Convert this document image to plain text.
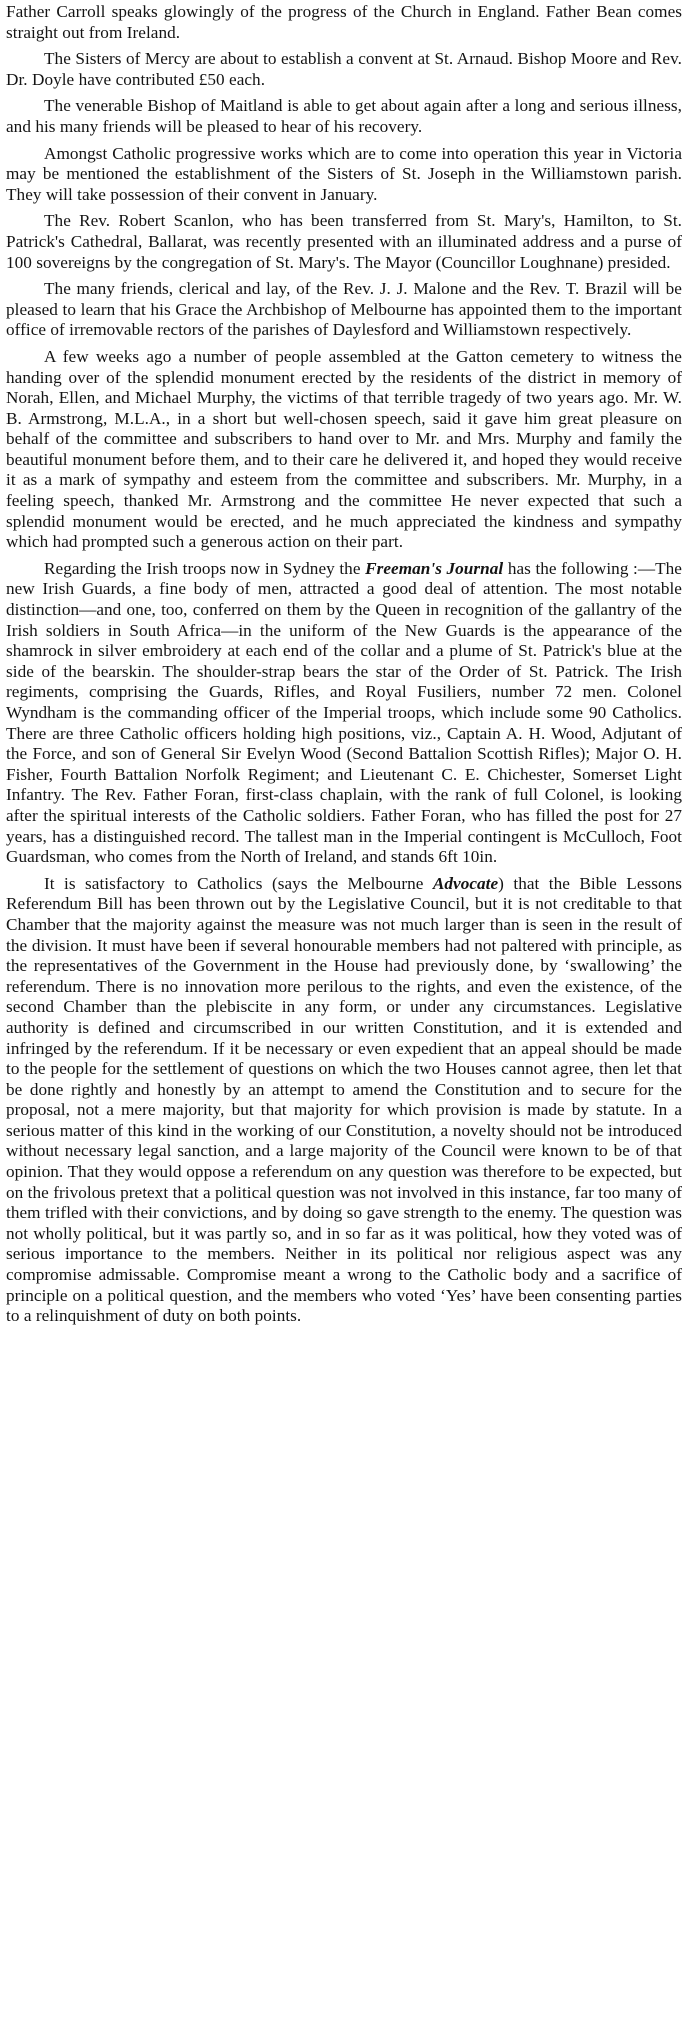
Father Carroll speaks glowingly of the progress of the Church in England. Father Bean comes straight out from Ireland.

The Sisters of Mercy are about to establish a convent at St. Arnaud. Bishop Moore and Rev. Dr. Doyle have contributed £50 each.

The venerable Bishop of Maitland is able to get about again after a long and serious illness, and his many friends will be pleased to hear of his recovery.

Amongst Catholic progressive works which are to come into operation this year in Victoria may be mentioned the establishment of the Sisters of St. Joseph in the Williamstown parish. They will take possession of their convent in January.

The Rev. Robert Scanlon, who has been transferred from St. Mary's, Hamilton, to St. Patrick's Cathedral, Ballarat, was recently presented with an illuminated address and a purse of 100 sovereigns by the congregation of St. Mary's. The Mayor (Councillor Loughnane) presided.

The many friends, clerical and lay, of the Rev. J. J. Malone and the Rev. T. Brazil will be pleased to learn that his Grace the Archbishop of Melbourne has appointed them to the important office of irremovable rectors of the parishes of Daylesford and Williamstown respectively.

A few weeks ago a number of people assembled at the Gatton cemetery to witness the handing over of the splendid monument erected by the residents of the district in memory of Norah, Ellen, and Michael Murphy, the victims of that terrible tragedy of two years ago. Mr. W. B. Armstrong, M.L.A., in a short but well-chosen speech, said it gave him great pleasure on behalf of the committee and subscribers to hand over to Mr. and Mrs. Murphy and family the beautiful monument before them, and to their care he delivered it, and hoped they would receive it as a mark of sympathy and esteem from the committee and subscribers. Mr. Murphy, in a feeling speech, thanked Mr. Armstrong and the committee He never expected that such a splendid monument would be erected, and he much appreciated the kindness and sympathy which had prompted such a generous action on their part.

Regarding the Irish troops now in Sydney the Freeman's Journal has the following :—The new Irish Guards, a fine body of men, attracted a good deal of attention. The most notable distinction—and one, too, conferred on them by the Queen in recognition of the gallantry of the Irish soldiers in South Africa—in the uniform of the New Guards is the appearance of the shamrock in silver embroidery at each end of the collar and a plume of St. Patrick's blue at the side of the bearskin. The shoulder-strap bears the star of the Order of St. Patrick. The Irish regiments, comprising the Guards, Rifles, and Royal Fusiliers, number 72 men. Colonel Wyndham is the commanding officer of the Imperial troops, which include some 90 Catholics. There are three Catholic officers holding high positions, viz., Captain A. H. Wood, Adjutant of the Force, and son of General Sir Evelyn Wood (Second Battalion Scottish Rifles); Major O. H. Fisher, Fourth Battalion Norfolk Regiment; and Lieutenant C. E. Chichester, Somerset Light Infantry. The Rev. Father Foran, first-class chaplain, with the rank of full Colonel, is looking after the spiritual interests of the Catholic soldiers. Father Foran, who has filled the post for 27 years, has a distinguished record. The tallest man in the Imperial contingent is McCulloch, Foot Guardsman, who comes from the North of Ireland, and stands 6ft 10in.

It is satisfactory to Catholics (says the Melbourne Advocate) that the Bible Lessons Referendum Bill has been thrown out by the Legislative Council, but it is not creditable to that Chamber that the majority against the measure was not much larger than is seen in the result of the division. It must have been if several honourable members had not paltered with principle, as the representatives of the Government in the House had previously done, by ‘swallowing’ the referendum. There is no innovation more perilous to the rights, and even the existence, of the second Chamber than the plebiscite in any form, or under any circumstances. Legislative authority is defined and circumscribed in our written Constitution, and it is extended and infringed by the referendum. If it be necessary or even expedient that an appeal should be made to the people for the settlement of questions on which the two Houses cannot agree, then let that be done rightly and honestly by an attempt to amend the Constitution and to secure for the proposal, not a mere majority, but that majority for which provision is made by statute. In a serious matter of this kind in the working of our Constitution, a novelty should not be introduced without necessary legal sanction, and a large majority of the Council were known to be of that opinion. That they would oppose a referendum on any question was therefore to be expected, but on the frivolous pretext that a political question was not involved in this instance, far too many of them trifled with their convictions, and by doing so gave strength to the enemy. The question was not wholly political, but it was partly so, and in so far as it was political, how they voted was of serious importance to the members. Neither in its political nor religious aspect was any compromise admissable. Compromise meant a wrong to the Catholic body and a sacrifice of principle on a political question, and the members who voted ‘Yes’ have been consenting parties to a relinquishment of duty on both points.
